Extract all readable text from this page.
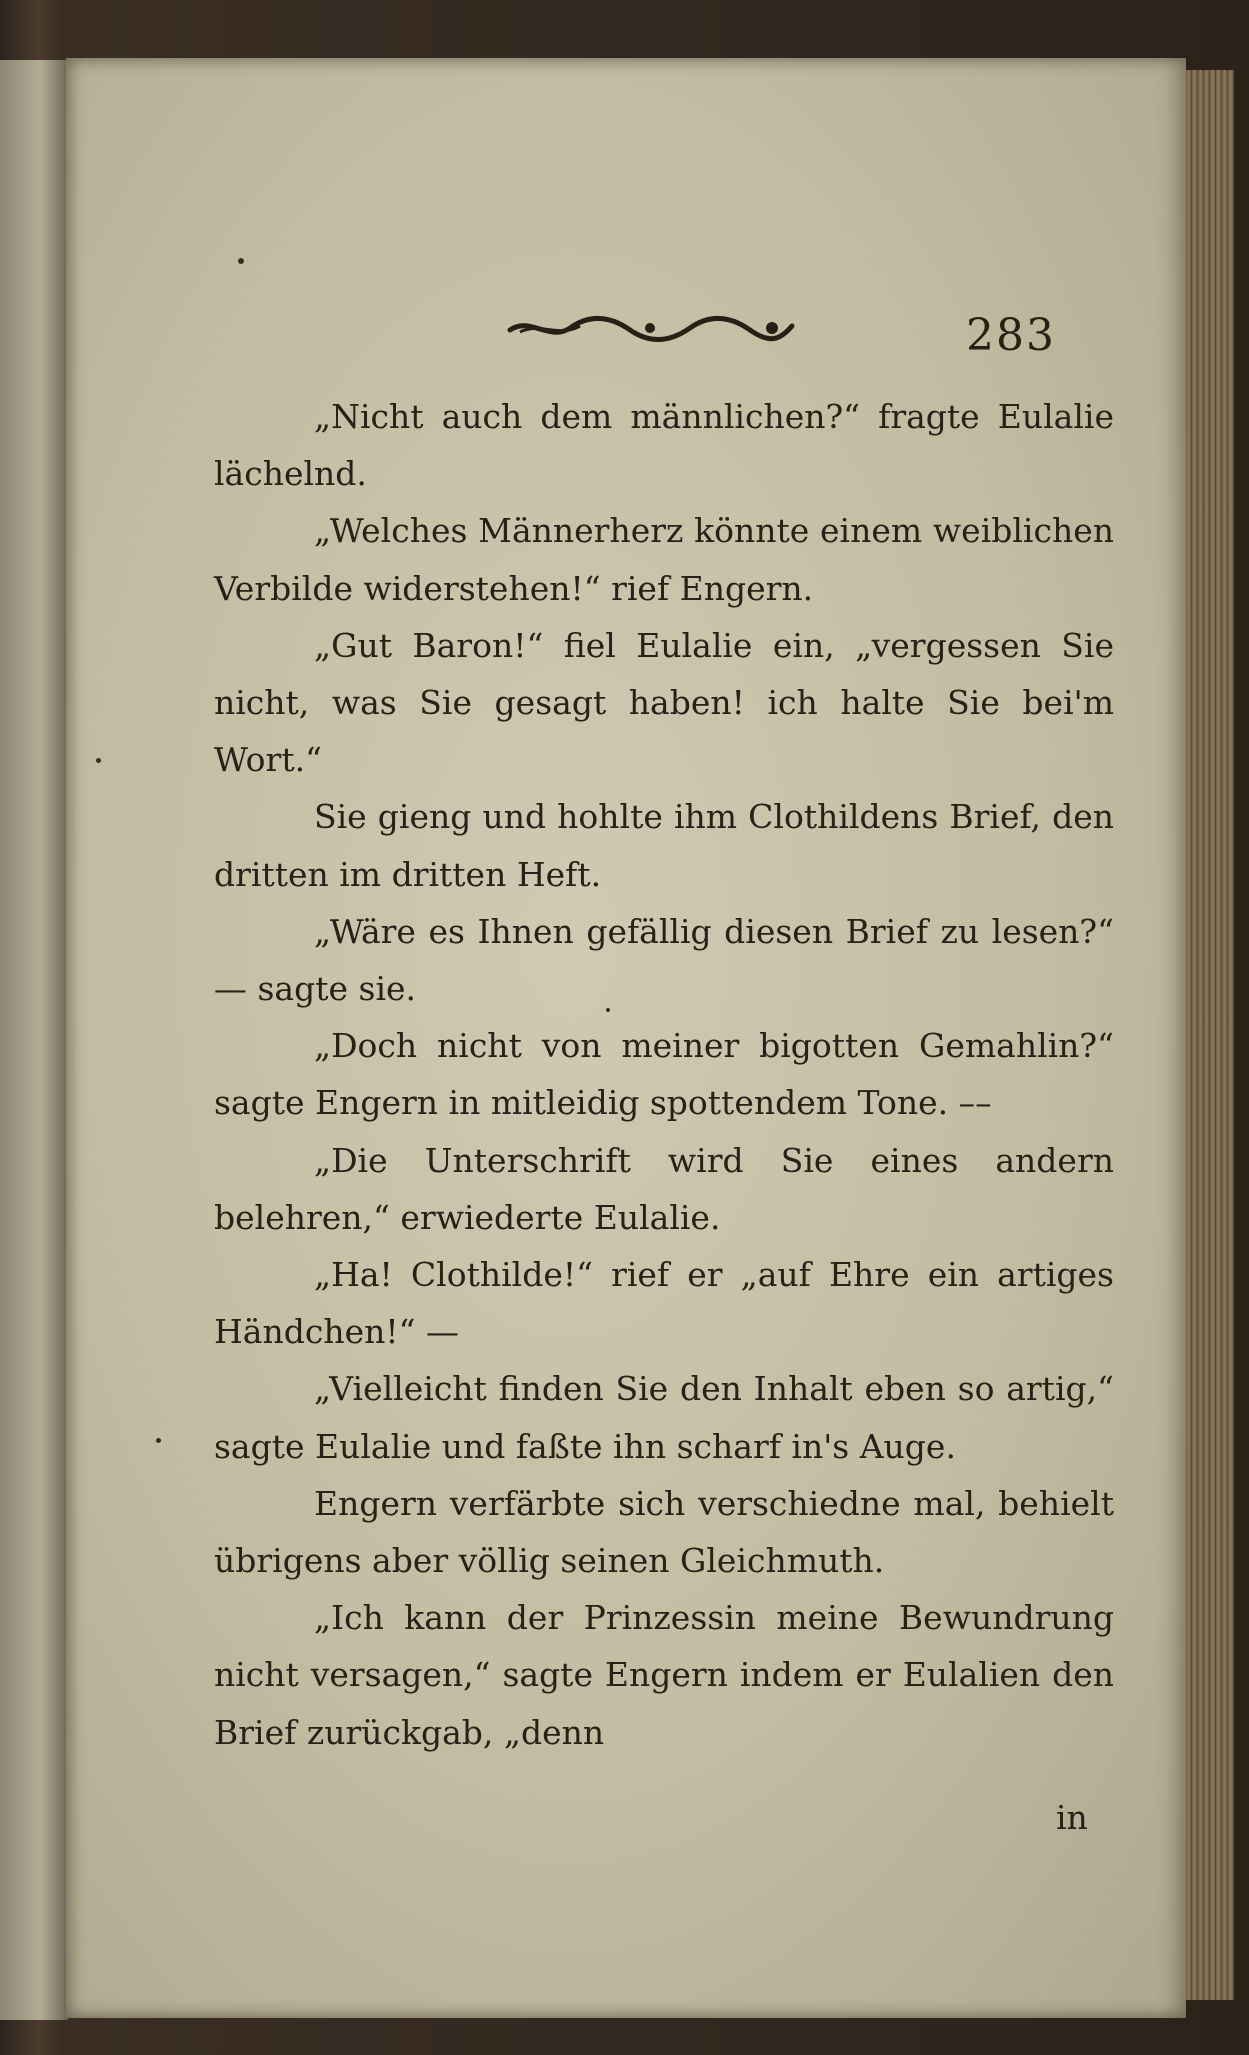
283

„Nicht auch dem männlichen?“ fragte Eulalie lächelnd.

„Welches Männerherz könnte einem weiblichen Verbilde widerstehen!“ rief Engern.

„Gut Baron!“ fiel Eulalie ein, „vergessen Sie nicht, was Sie gesagt haben! ich halte Sie bei'm Wort.“

Sie gieng und hohlte ihm Clothildens Brief, den dritten im dritten Heft.

„Wäre es Ihnen gefällig diesen Brief zu lesen?“ — sagte sie.

„Doch nicht von meiner bigotten Gemahlin?“ sagte Engern in mitleidig spottendem Tone. ––

„Die Unterschrift wird Sie eines andern belehren,“ erwiederte Eulalie.

„Ha! Clothilde!“ rief er „auf Ehre ein artiges Händchen!“ —

„Vielleicht finden Sie den Inhalt eben so artig,“ sagte Eulalie und faßte ihn scharf in's Auge.

Engern verfärbte sich verschiedne mal, behielt übrigens aber völlig seinen Gleichmuth.

„Ich kann der Prinzessin meine Bewundrung nicht versagen,“ sagte Engern indem er Eulalien den Brief zurückgab, „denn

in
